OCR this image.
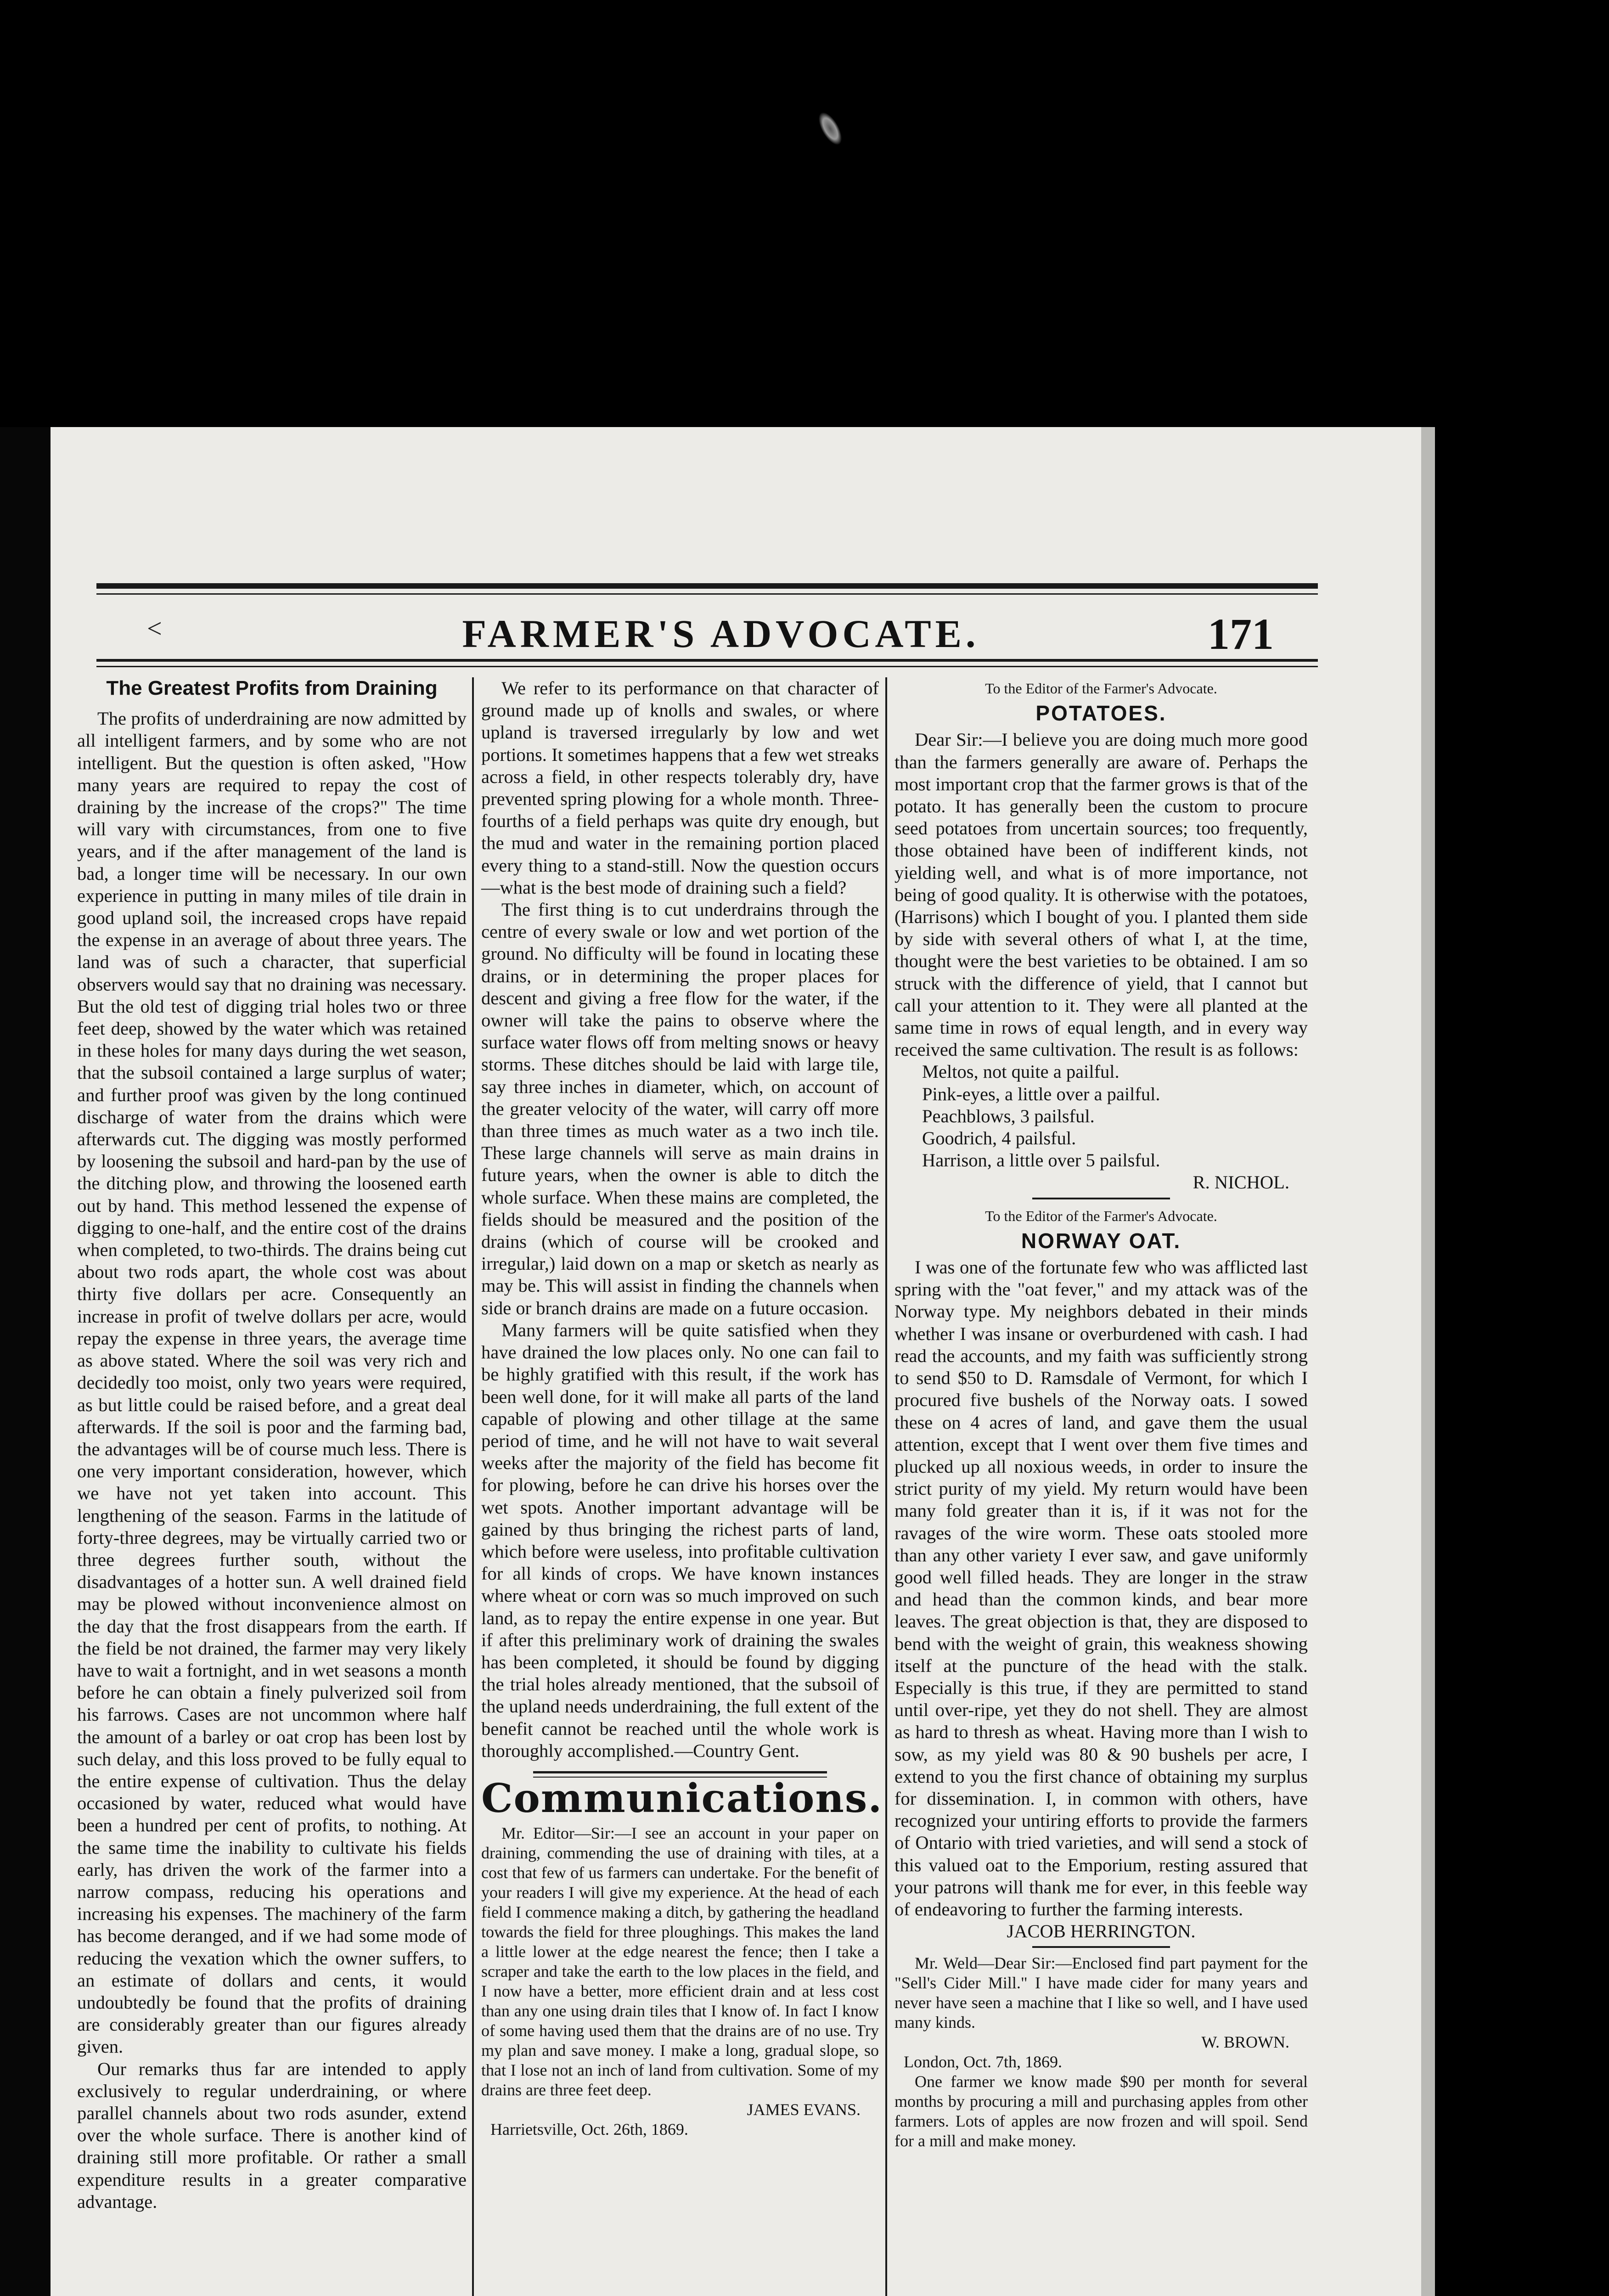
<	FARMER'S ADVOCATE.	171

The Greatest Profits from Draining

The profits of underdraining are now admitted by all intelligent farmers, and by some who are not intelligent. But the question is often asked, "How many years are required to repay the cost of draining by the increase of the crops?" The time will vary with circumstances, from one to five years, and if the after management of the land is bad, a longer time will be necessary. In our own experience in putting in many miles of tile drain in good upland soil, the increased crops have repaid the expense in an average of about three years. The land was of such a character, that superficial observers would say that no draining was necessary. But the old test of digging trial holes two or three feet deep, showed by the water which was retained in these holes for many days during the wet season, that the subsoil contained a large surplus of water; and further proof was given by the long continued discharge of water from the drains which were afterwards cut. The digging was mostly performed by loosening the subsoil and hard-pan by the use of the ditching plow, and throwing the loosened earth out by hand. This method lessened the expense of digging to one-half, and the entire cost of the drains when completed, to two-thirds. The drains being cut about two rods apart, the whole cost was about thirty five dollars per acre. Consequently an increase in profit of twelve dollars per acre, would repay the expense in three years, the average time as above stated. Where the soil was very rich and decidedly too moist, only two years were required, as but little could be raised before, and a great deal afterwards. If the soil is poor and the farming bad, the advantages will be of course much less. There is one very important consideration, however, which we have not yet taken into account. This lengthening of the season. Farms in the latitude of forty-three degrees, may be virtually carried two or three degrees further south, without the disadvantages of a hotter sun. A well drained field may be plowed without inconvenience almost on the day that the frost disappears from the earth. If the field be not drained, the farmer may very likely have to wait a fortnight, and in wet seasons a month before he can obtain a finely pulverized soil from his farrows. Cases are not uncommon where half the amount of a barley or oat crop has been lost by such delay, and this loss proved to be fully equal to the entire expense of cultivation. Thus the delay occasioned by water, reduced what would have been a hundred per cent of profits, to nothing. At the same time the inability to cultivate his fields early, has driven the work of the farmer into a narrow compass, reducing his operations and increasing his expenses. The machinery of the farm has become deranged, and if we had some mode of reducing the vexation which the owner suffers, to an estimate of dollars and cents, it would undoubtedly be found that the profits of draining are considerably greater than our figures already given.

Our remarks thus far are intended to apply exclusively to regular underdraining, or where parallel channels about two rods asunder, extend over the whole surface. There is another kind of draining still more profitable. Or rather a small expenditure results in a greater comparative advantage.

We refer to its performance on that character of ground made up of knolls and swales, or where upland is traversed irregularly by low and wet portions. It sometimes happens that a few wet streaks across a field, in other respects tolerably dry, have prevented spring plowing for a whole month. Three-fourths of a field perhaps was quite dry enough, but the mud and water in the remaining portion placed every thing to a stand-still. Now the question occurs—what is the best mode of draining such a field?

The first thing is to cut underdrains through the centre of every swale or low and wet portion of the ground. No difficulty will be found in locating these drains, or in determining the proper places for descent and giving a free flow for the water, if the owner will take the pains to observe where the surface water flows off from melting snows or heavy storms. These ditches should be laid with large tile, say three inches in diameter, which, on account of the greater velocity of the water, will carry off more than three times as much water as a two inch tile. These large channels will serve as main drains in future years, when the owner is able to ditch the whole surface. When these mains are completed, the fields should be measured and the position of the drains (which of course will be crooked and irregular,) laid down on a map or sketch as nearly as may be. This will assist in finding the channels when side or branch drains are made on a future occasion.

Many farmers will be quite satisfied when they have drained the low places only. No one can fail to be highly gratified with this result, if the work has been well done, for it will make all parts of the land capable of plowing and other tillage at the same period of time, and he will not have to wait several weeks after the majority of the field has become fit for plowing, before he can drive his horses over the wet spots. Another important advantage will be gained by thus bringing the richest parts of land, which before were useless, into profitable cultivation for all kinds of crops. We have known instances where wheat or corn was so much improved on such land, as to repay the entire expense in one year. But if after this preliminary work of draining the swales has been completed, it should be found by digging the trial holes already mentioned, that the subsoil of the upland needs underdraining, the full extent of the benefit cannot be reached until the whole work is thoroughly accomplished.—Country Gent.

Communications.

Mr. Editor—Sir:—I see an account in your paper on draining, commending the use of draining with tiles, at a cost that few of us farmers can undertake. For the benefit of your readers I will give my experience. At the head of each field I commence making a ditch, by gathering the headland towards the field for three ploughings. This makes the land a little lower at the edge nearest the fence; then I take a scraper and take the earth to the low places in the field, and I now have a better, more efficient drain and at less cost than any one using drain tiles that I know of. In fact I know of some having used them that the drains are of no use. Try my plan and save money. I make a long, gradual slope, so that I lose not an inch of land from cultivation. Some of my drains are three feet deep.

JAMES EVANS.

Harrietsville, Oct. 26th, 1869.

To the Editor of the Farmer's Advocate.

POTATOES.

Dear Sir:—I believe you are doing much more good than the farmers generally are aware of. Perhaps the most important crop that the farmer grows is that of the potato. It has generally been the custom to procure seed potatoes from uncertain sources; too frequently, those obtained have been of indifferent kinds, not yielding well, and what is of more importance, not being of good quality. It is otherwise with the potatoes, (Harrisons) which I bought of you. I planted them side by side with several others of what I, at the time, thought were the best varieties to be obtained. I am so struck with the difference of yield, that I cannot but call your attention to it. They were all planted at the same time in rows of equal length, and in every way received the same cultivation. The result is as follows:

Meltos, not quite a pailful.

Pink-eyes, a little over a pailful.

Peachblows, 3 pailsful.

Goodrich, 4 pailsful.

Harrison, a little over 5 pailsful.

R. NICHOL.

To the Editor of the Farmer's Advocate.

NORWAY OAT.

I was one of the fortunate few who was afflicted last spring with the "oat fever," and my attack was of the Norway type. My neighbors debated in their minds whether I was insane or overburdened with cash. I had read the accounts, and my faith was sufficiently strong to send $50 to D. Ramsdale of Vermont, for which I procured five bushels of the Norway oats. I sowed these on 4 acres of land, and gave them the usual attention, except that I went over them five times and plucked up all noxious weeds, in order to insure the strict purity of my yield. My return would have been many fold greater than it is, if it was not for the ravages of the wire worm. These oats stooled more than any other variety I ever saw, and gave uniformly good well filled heads. They are longer in the straw and head than the common kinds, and bear more leaves. The great objection is that, they are disposed to bend with the weight of grain, this weakness showing itself at the puncture of the head with the stalk. Especially is this true, if they are permitted to stand until over-ripe, yet they do not shell. They are almost as hard to thresh as wheat. Having more than I wish to sow, as my yield was 80 & 90 bushels per acre, I extend to you the first chance of obtaining my surplus for dissemination. I, in common with others, have recognized your untiring efforts to provide the farmers of Ontario with tried varieties, and will send a stock of this valued oat to the Emporium, resting assured that your patrons will thank me for ever, in this feeble way of endeavoring to further the farming interests.

JACOB HERRINGTON.

Mr. Weld—Dear Sir:—Enclosed find part payment for the "Sell's Cider Mill." I have made cider for many years and never have seen a machine that I like so well, and I have used many kinds.

W. BROWN.

London, Oct. 7th, 1869.

One farmer we know made $90 per month for several months by procuring a mill and purchasing apples from other farmers. Lots of apples are now frozen and will spoil. Send for a mill and make money.
